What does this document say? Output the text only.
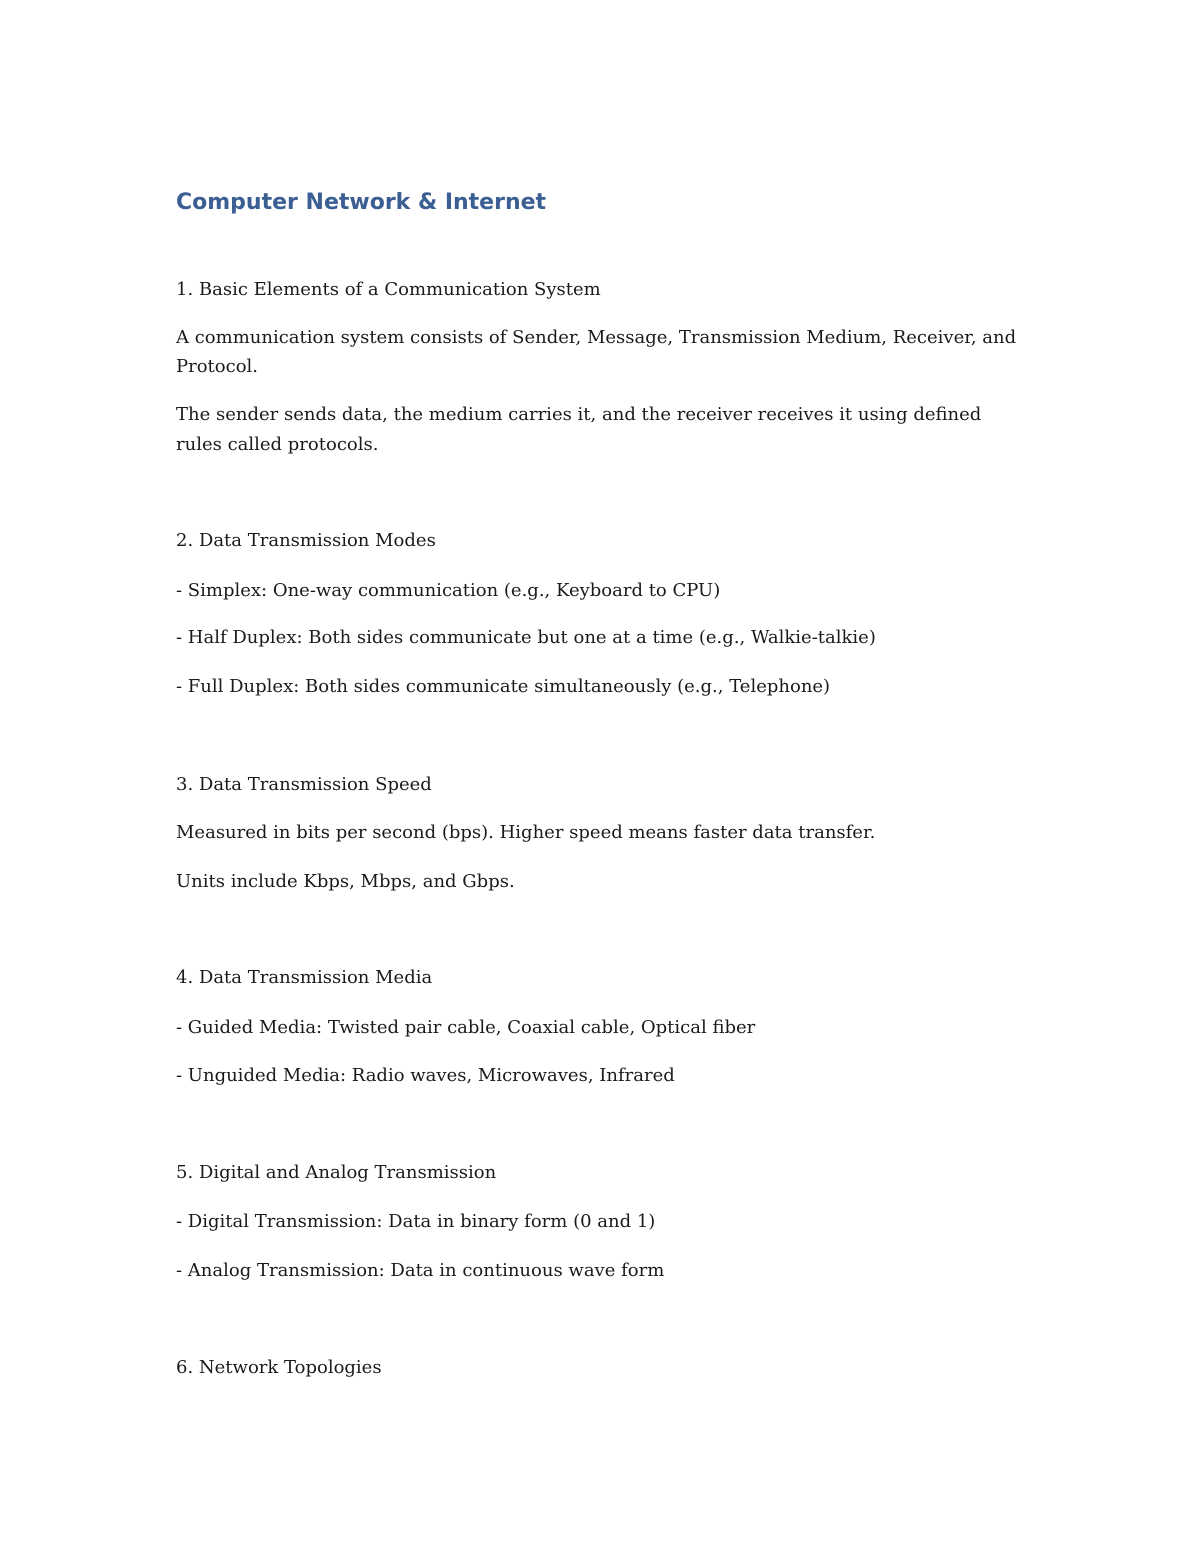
Computer Network & Internet
1. Basic Elements of a Communication System
A communication system consists of Sender, Message, Transmission Medium, Receiver, and
Protocol.
The sender sends data, the medium carries it, and the receiver receives it using defined
rules called protocols.
2. Data Transmission Modes
- Simplex: One-way communication (e.g., Keyboard to CPU)
- Half Duplex: Both sides communicate but one at a time (e.g., Walkie-talkie)
- Full Duplex: Both sides communicate simultaneously (e.g., Telephone)
3. Data Transmission Speed
Measured in bits per second (bps). Higher speed means faster data transfer.
Units include Kbps, Mbps, and Gbps.
4. Data Transmission Media
- Guided Media: Twisted pair cable, Coaxial cable, Optical fiber
- Unguided Media: Radio waves, Microwaves, Infrared
5. Digital and Analog Transmission
- Digital Transmission: Data in binary form (0 and 1)
- Analog Transmission: Data in continuous wave form
6. Network Topologies
